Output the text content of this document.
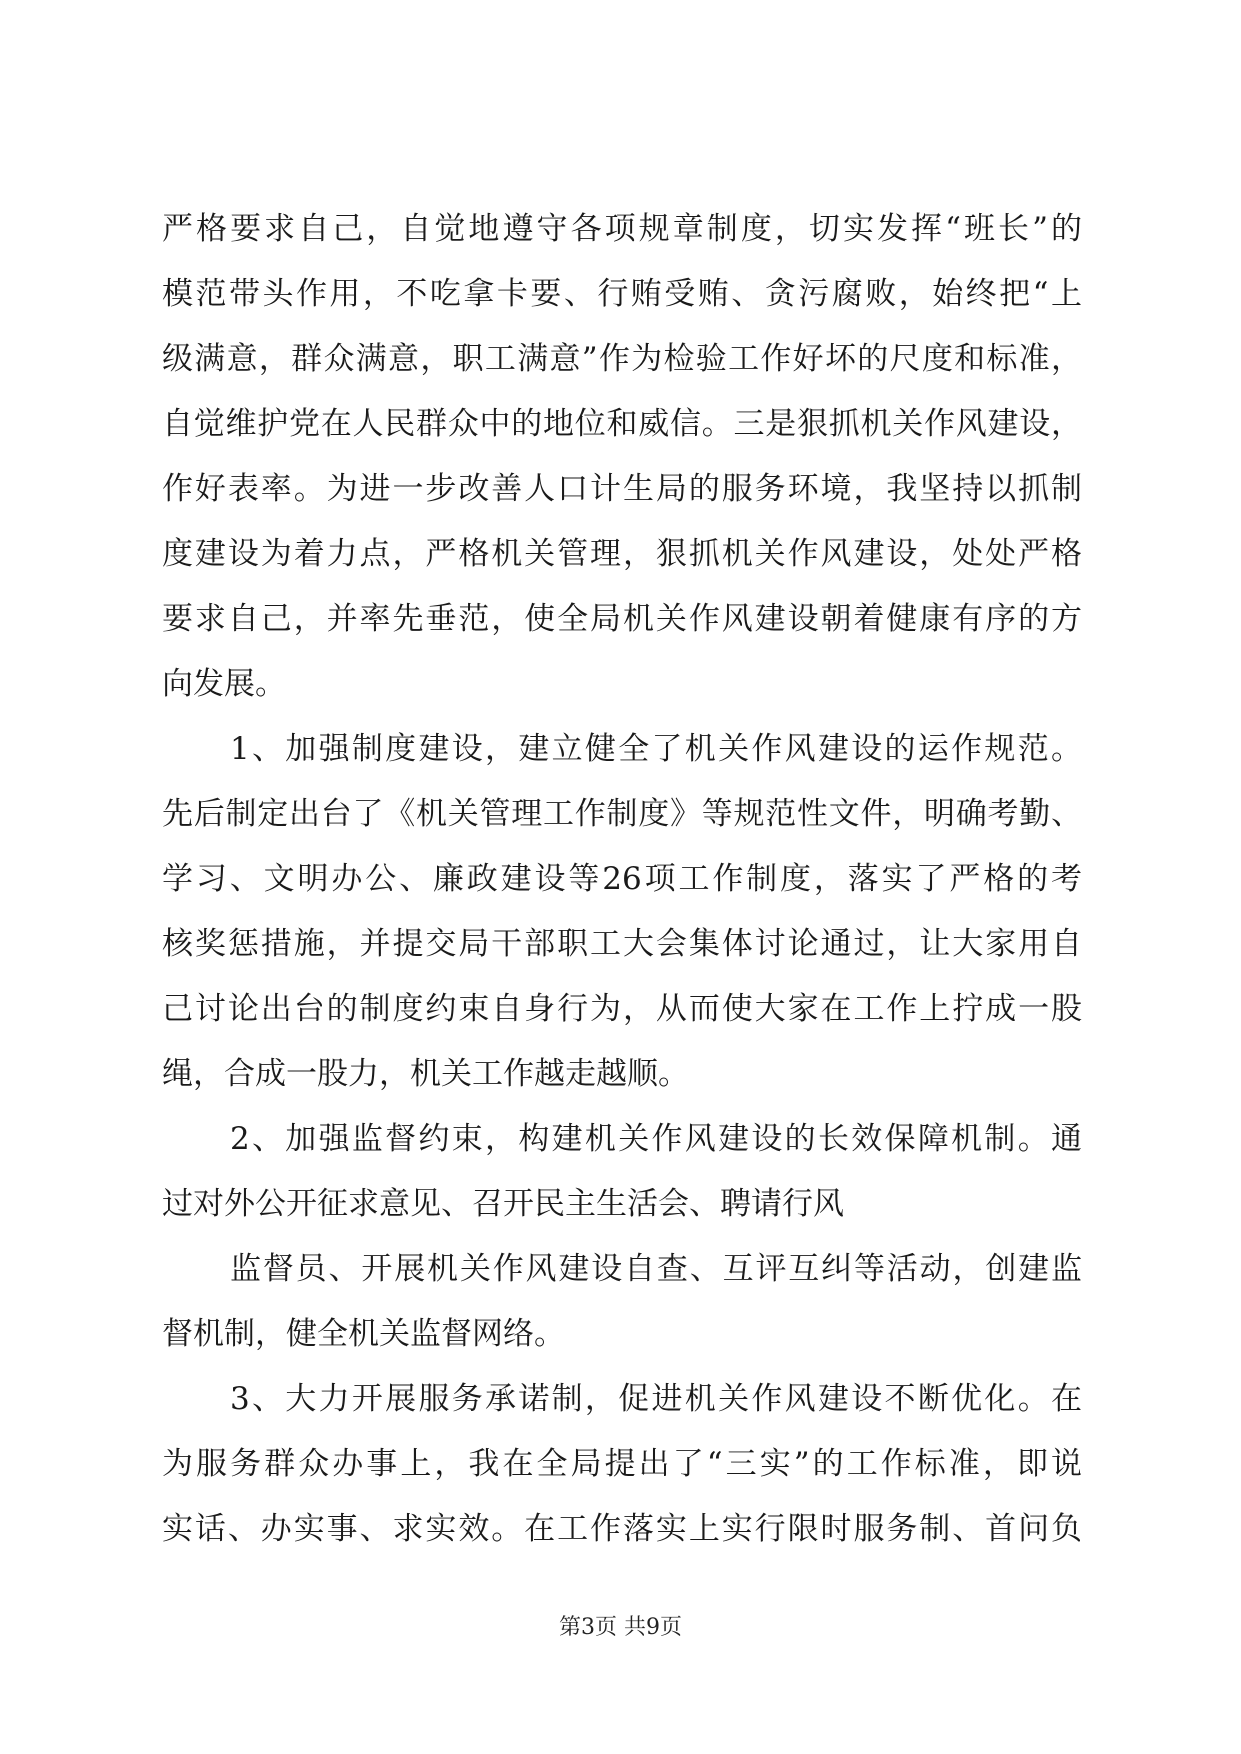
严格要求自己，自觉地遵守各项规章制度，切实发挥“班长”的
模范带头作用，不吃拿卡要、行贿受贿、贪污腐败，始终把“上
级满意，群众满意，职工满意”作为检验工作好坏的尺度和标准，
自觉维护党在人民群众中的地位和威信。三是狠抓机关作风建设，
作好表率。为进一步改善人口计生局的服务环境，我坚持以抓制
度建设为着力点，严格机关管理，狠抓机关作风建设，处处严格
要求自己，并率先垂范，使全局机关作风建设朝着健康有序的方
向发展。
1、加强制度建设，建立健全了机关作风建设的运作规范。
先后制定出台了《机关管理工作制度》等规范性文件，明确考勤、
学习、文明办公、廉政建设等26项工作制度，落实了严格的考
核奖惩措施，并提交局干部职工大会集体讨论通过，让大家用自
己讨论出台的制度约束自身行为，从而使大家在工作上拧成一股
绳，合成一股力，机关工作越走越顺。
2、加强监督约束，构建机关作风建设的长效保障机制。通
过对外公开征求意见、召开民主生活会、聘请行风
监督员、开展机关作风建设自查、互评互纠等活动，创建监
督机制，健全机关监督网络。
3、大力开展服务承诺制，促进机关作风建设不断优化。在
为服务群众办事上，我在全局提出了“三实”的工作标准，即说
实话、办实事、求实效。在工作落实上实行限时服务制、首问负
第3页 共9页
